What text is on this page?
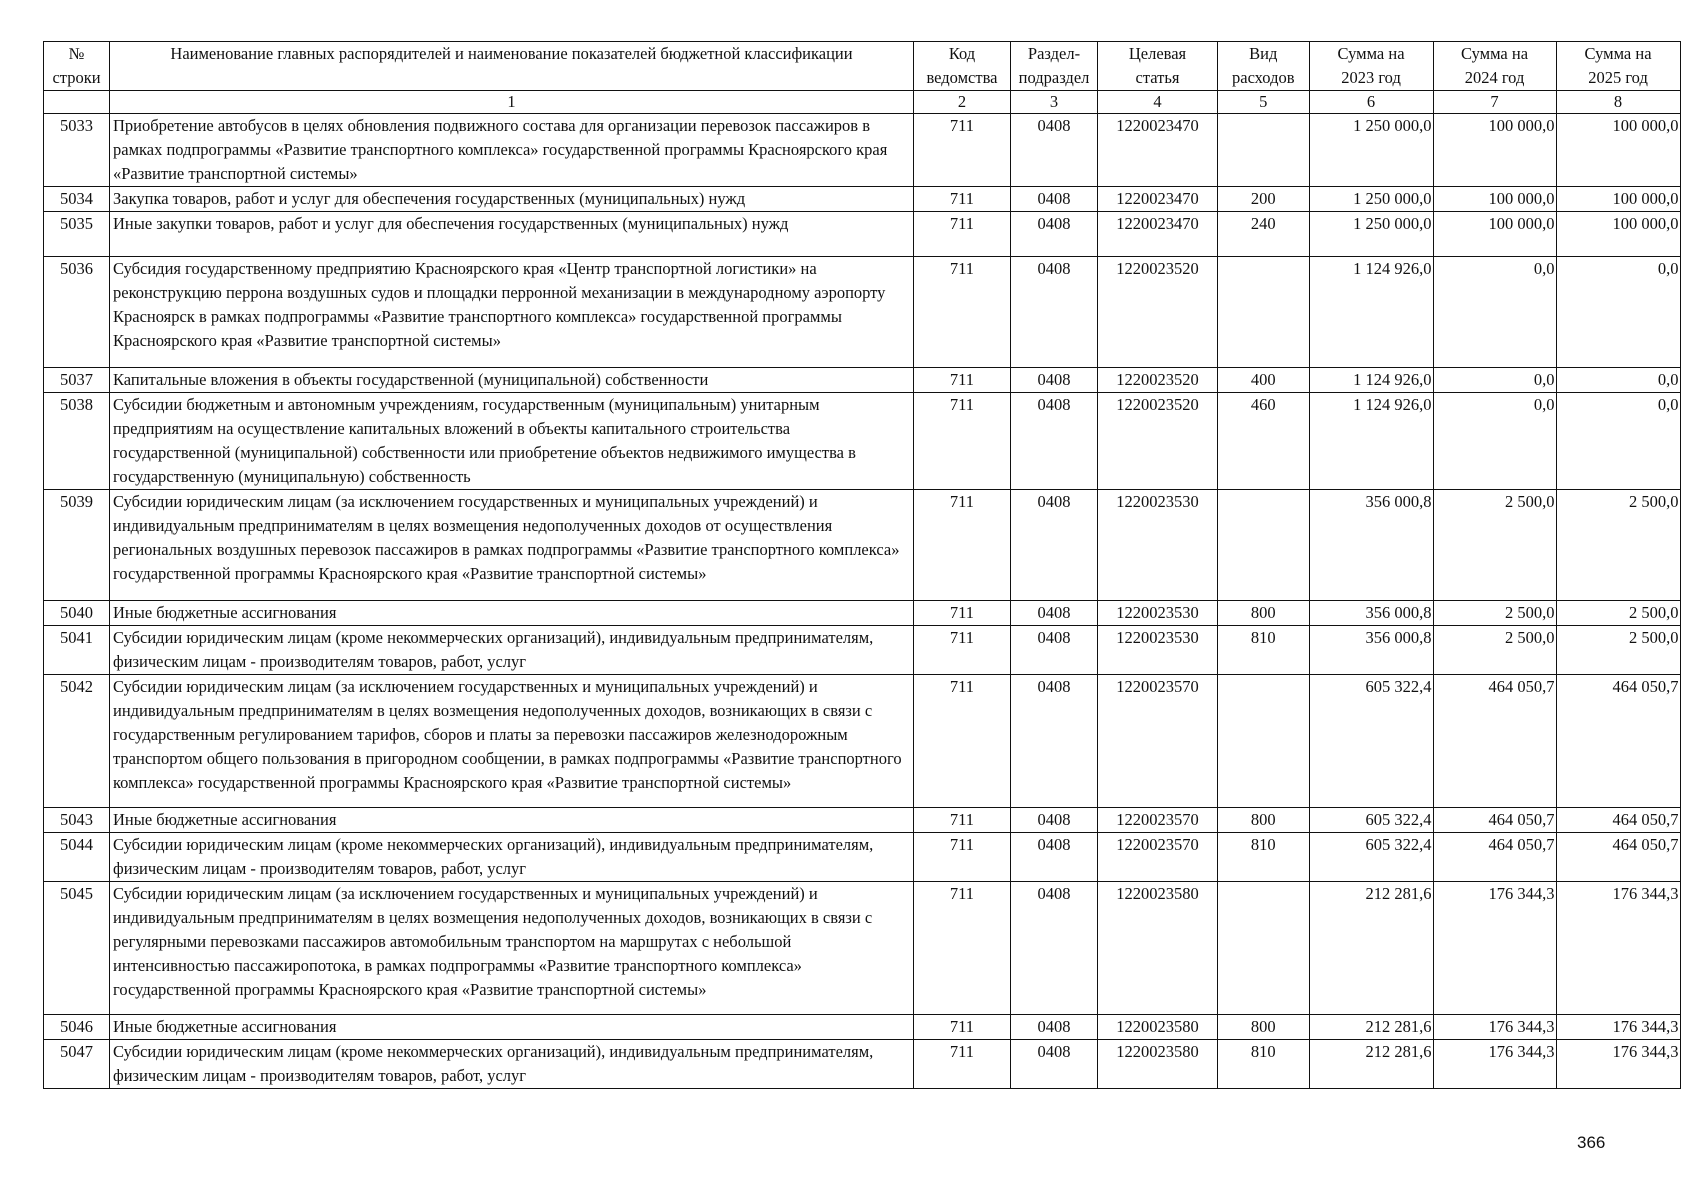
№ строки	Наименование главных распорядителей и наименование показателей бюджетной классификации	Код ведомства	Раздел-подраздел	Целевая статья	Вид расходов	Сумма на 2023 год	Сумма на 2024 год	Сумма на 2025 год
	1	2	3	4	5	6	7	8
5033	Приобретение автобусов в целях обновления подвижного состава для организации перевозок пассажиров в рамках подпрограммы «Развитие транспортного комплекса» государственной программы Красноярского края «Развитие транспортной системы»	711	0408	1220023470		1 250 000,0	100 000,0	100 000,0
5034	Закупка товаров, работ и услуг для обеспечения государственных (муниципальных) нужд	711	0408	1220023470	200	1 250 000,0	100 000,0	100 000,0
5035	Иные закупки товаров, работ и услуг для обеспечения государственных (муниципальных) нужд	711	0408	1220023470	240	1 250 000,0	100 000,0	100 000,0
5036	Субсидия государственному предприятию Красноярского края «Центр транспортной логистики» на реконструкцию перрона воздушных судов и площадки перронной механизации в международному аэропорту Красноярск в рамках подпрограммы «Развитие транспортного комплекса» государственной программы Красноярского края «Развитие транспортной системы»	711	0408	1220023520		1 124 926,0	0,0	0,0
5037	Капитальные вложения в объекты государственной (муниципальной) собственности	711	0408	1220023520	400	1 124 926,0	0,0	0,0
5038	Субсидии бюджетным и автономным учреждениям, государственным (муниципальным) унитарным предприятиям на осуществление капитальных вложений в объекты капитального строительства государственной (муниципальной) собственности или приобретение объектов недвижимого имущества в государственную (муниципальную) собственность	711	0408	1220023520	460	1 124 926,0	0,0	0,0
5039	Субсидии юридическим лицам (за исключением государственных и муниципальных учреждений) и индивидуальным предпринимателям в целях возмещения недополученных доходов от осуществления региональных воздушных перевозок пассажиров в рамках подпрограммы «Развитие транспортного комплекса» государственной программы Красноярского края «Развитие транспортной системы»	711	0408	1220023530		356 000,8	2 500,0	2 500,0
5040	Иные бюджетные ассигнования	711	0408	1220023530	800	356 000,8	2 500,0	2 500,0
5041	Субсидии юридическим лицам (кроме некоммерческих организаций), индивидуальным предпринимателям, физическим лицам - производителям товаров, работ, услуг	711	0408	1220023530	810	356 000,8	2 500,0	2 500,0
5042	Субсидии юридическим лицам (за исключением государственных и муниципальных учреждений) и индивидуальным предпринимателям в целях возмещения недополученных доходов, возникающих в связи с государственным регулированием тарифов, сборов и платы за перевозки пассажиров железнодорожным транспортом общего пользования в пригородном сообщении, в рамках подпрограммы «Развитие транспортного комплекса» государственной программы Красноярского края «Развитие транспортной системы»	711	0408	1220023570		605 322,4	464 050,7	464 050,7
5043	Иные бюджетные ассигнования	711	0408	1220023570	800	605 322,4	464 050,7	464 050,7
5044	Субсидии юридическим лицам (кроме некоммерческих организаций), индивидуальным предпринимателям, физическим лицам - производителям товаров, работ, услуг	711	0408	1220023570	810	605 322,4	464 050,7	464 050,7
5045	Субсидии юридическим лицам (за исключением государственных и муниципальных учреждений) и индивидуальным предпринимателям в целях возмещения недополученных доходов, возникающих в связи с регулярными перевозками пассажиров автомобильным транспортом на маршрутах с небольшой интенсивностью пассажиропотока, в рамках подпрограммы «Развитие транспортного комплекса» государственной программы Красноярского края «Развитие транспортной системы»	711	0408	1220023580		212 281,6	176 344,3	176 344,3
5046	Иные бюджетные ассигнования	711	0408	1220023580	800	212 281,6	176 344,3	176 344,3
5047	Субсидии юридическим лицам (кроме некоммерческих организаций), индивидуальным предпринимателям, физическим лицам - производителям товаров, работ, услуг	711	0408	1220023580	810	212 281,6	176 344,3	176 344,3
366
